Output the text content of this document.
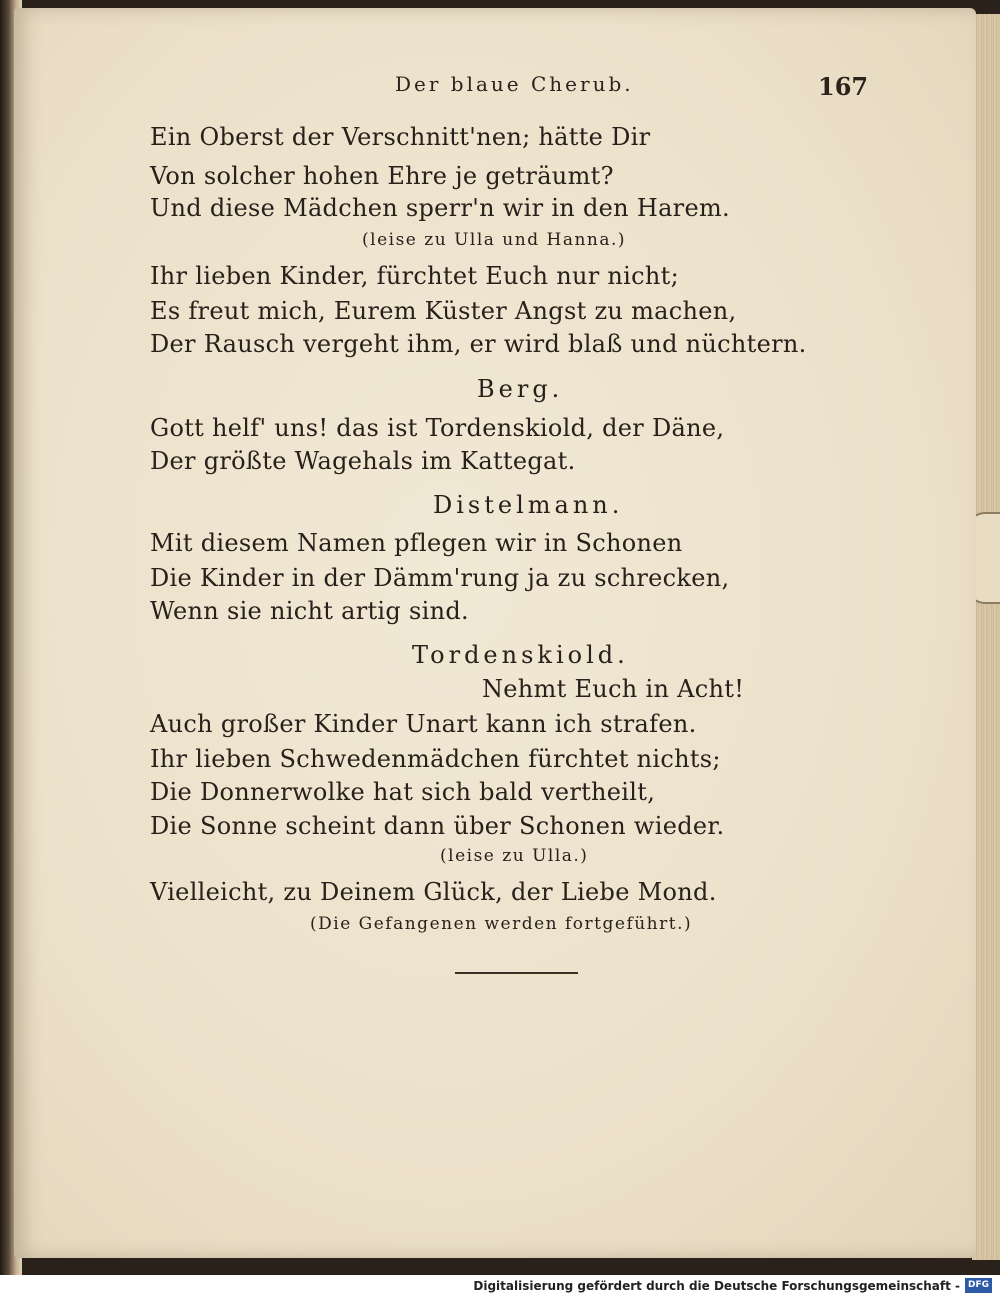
Der blaue Cherub.	167
Ein Oberst der Verschnitt'nen; hätte Dir
Von solcher hohen Ehre je geträumt?
Und diese Mädchen sperr'n wir in den Harem.
(leise zu Ulla und Hanna.)
Ihr lieben Kinder, fürchtet Euch nur nicht;
Es freut mich, Eurem Küster Angst zu machen,
Der Rausch vergeht ihm, er wird blaß und nüchtern.
Berg.
Gott helf' uns! das ist Tordenskiold, der Däne,
Der größte Wagehals im Kattegat.
Distelmann.
Mit diesem Namen pflegen wir in Schonen
Die Kinder in der Dämm'rung ja zu schrecken,
Wenn sie nicht artig sind.
Tordenskiold.
Nehmt Euch in Acht!
Auch großer Kinder Unart kann ich strafen.
Ihr lieben Schwedenmädchen fürchtet nichts;
Die Donnerwolke hat sich bald vertheilt,
Die Sonne scheint dann über Schonen wieder.
(leise zu Ulla.)
Vielleicht, zu Deinem Glück, der Liebe Mond.
(Die Gefangenen werden fortgeführt.)
Digitalisierung gefördert durch die Deutsche Forschungsgemeinschaft - DFG
